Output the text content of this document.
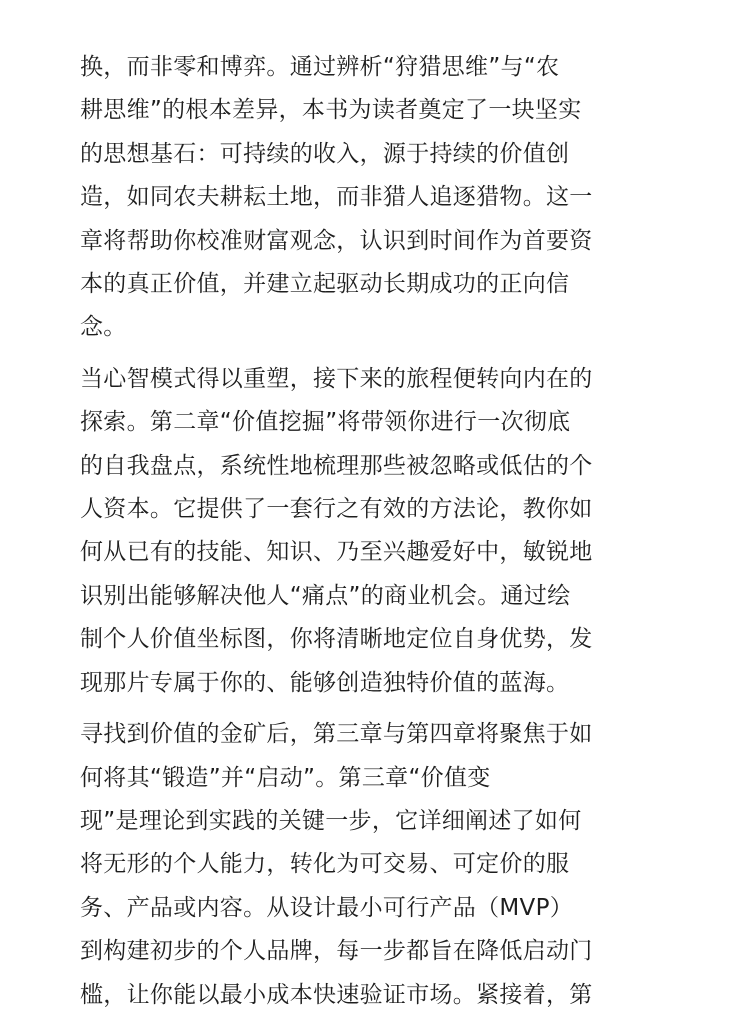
换，而非零和博弈。通过辨析“狩猎思维”与“农
耕思维”的根本差异，本书为读者奠定了一块坚实
的思想基石：可持续的收入，源于持续的价值创
造，如同农夫耕耘土地，而非猎人追逐猎物。这一
章将帮助你校准财富观念，认识到时间作为首要资
本的真正价值，并建立起驱动长期成功的正向信
念。

当心智模式得以重塑，接下来的旅程便转向内在的
探索。第二章“价值挖掘”将带领你进行一次彻底
的自我盘点，系统性地梳理那些被忽略或低估的个
人资本。它提供了一套行之有效的方法论，教你如
何从已有的技能、知识、乃至兴趣爱好中，敏锐地
识别出能够解决他人“痛点”的商业机会。通过绘
制个人价值坐标图，你将清晰地定位自身优势，发
现那片专属于你的、能够创造独特价值的蓝海。

寻找到价值的金矿后，第三章与第四章将聚焦于如
何将其“锻造”并“启动”。第三章“价值变
现”是理论到实践的关键一步，它详细阐述了如何
将无形的个人能力，转化为可交易、可定价的服
务、产品或内容。从设计最小可行产品（MVP）
到构建初步的个人品牌，每一步都旨在降低启动门
槛，让你能以最小成本快速验证市场。紧接着，第
